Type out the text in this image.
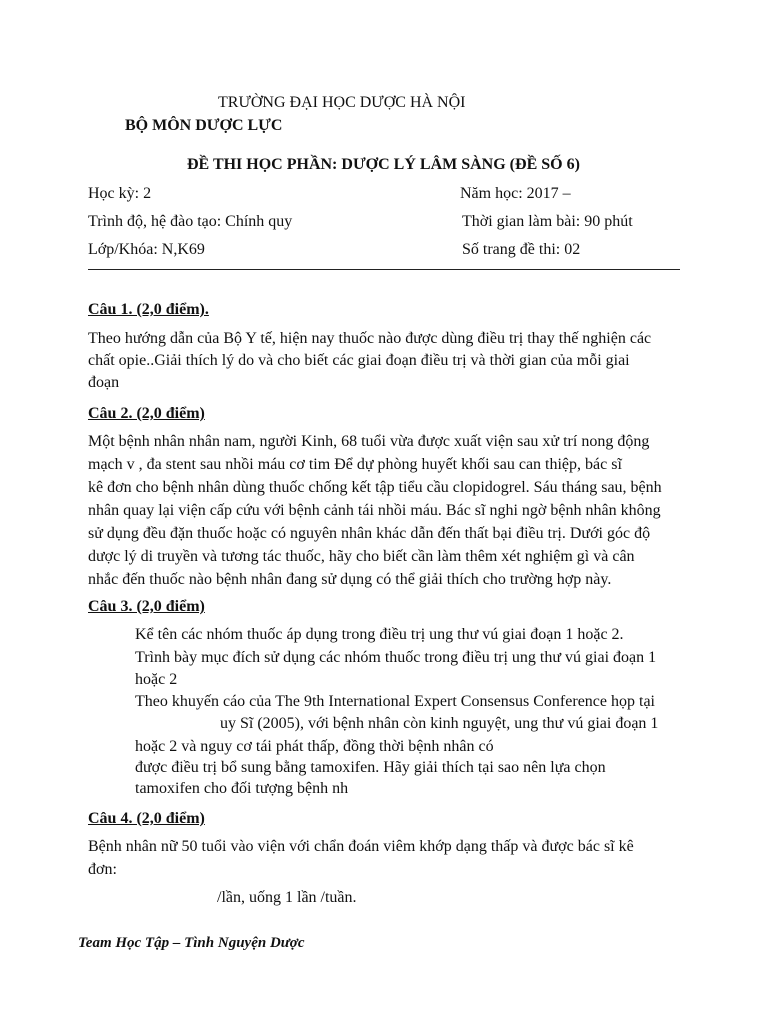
TRƯỜNG ĐẠI HỌC DƯỢC HÀ NỘI
BỘ MÔN DƯỢC LỰC
ĐỀ THI HỌC PHẦN: DƯỢC LÝ LÂM SÀNG (ĐỀ SỐ 6)
Học kỳ: 2	Năm học: 2017 –
Trình độ, hệ đào tạo: Chính quy	Thời gian làm bài: 90 phút
Lớp/Khóa: N,K69	Số trang đề thi: 02
Câu 1. (2,0 điểm).
Theo hướng dẫn của Bộ Y tế, hiện nay thuốc nào được dùng điều trị thay thế nghiện các
chất opie..Giải thích lý do và cho biết các giai đoạn điều trị và thời gian của mỗi giai
đoạn
Câu 2. (2,0 điểm)
Một bệnh nhân nhân nam, người Kinh, 68 tuổi vừa được xuất viện sau xử trí nong động
mạch v , đa stent sau nhồi máu cơ tim Để dự phòng huyết khối sau can thiệp, bác sĩ
kê đơn cho bệnh nhân dùng thuốc chống kết tập tiểu cầu clopidogrel. Sáu tháng sau, bệnh
nhân quay lại viện cấp cứu với bệnh cảnh tái nhồi máu. Bác sĩ nghi ngờ bệnh nhân không
sử dụng đều đặn thuốc hoặc có nguyên nhân khác dẫn đến thất bại điều trị. Dưới góc độ
dược lý di truyền và tương tác thuốc, hãy cho biết cần làm thêm xét nghiệm gì và cân
nhắc đến thuốc nào bệnh nhân đang sử dụng có thể giải thích cho trường hợp này.
Câu 3. (2,0 điểm)
Kể tên các nhóm thuốc áp dụng trong điều trị ung thư vú giai đoạn 1 hoặc 2.
Trình bày mục đích sử dụng các nhóm thuốc trong điều trị ung thư vú giai đoạn 1
hoặc 2
Theo khuyến cáo của The 9th International Expert Consensus Conference họp tại
uy Sĩ (2005), với bệnh nhân còn kinh nguyệt, ung thư vú giai đoạn 1
hoặc 2 và nguy cơ tái phát thấp, đồng thời bệnh nhân có
được điều trị bổ sung bằng tamoxifen. Hãy giải thích tại sao nên lựa chọn
tamoxifen cho đối tượng bệnh nh
Câu 4. (2,0 điểm)
Bệnh nhân nữ 50 tuổi vào viện với chẩn đoán viêm khớp dạng thấp và được bác sĩ kê
đơn:
/lần, uống 1 lần /tuần.
Team Học Tập – Tình Nguyện Dược
